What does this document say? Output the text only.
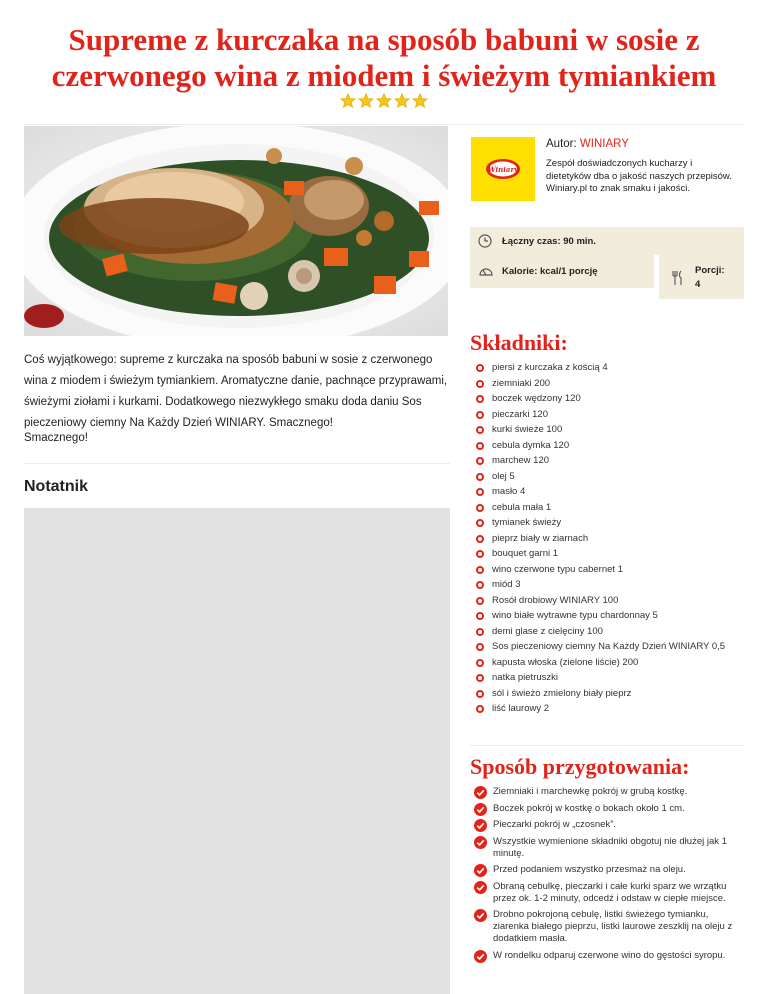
Supreme z kurczaka na sposób babuni w sosie z czerwonego wina z miodem i świeżym tymiankiem

Coś wyjątkowego: supreme z kurczaka na sposób babuni w sosie z czerwonego wina z miodem i świeżym tymiankiem. Aromatyczne danie, pachnące przyprawami, świeżymi ziołami i kurkami. Dodatkowego niezwykłego smaku doda daniu Sos pieczeniowy ciemny Na Każdy Dzień WINIARY. Smacznego!

Smacznego!

Notatnik
Winiary
Autor: WINIARY

Zespół doświadczonych kucharzy i dietetyków dba o jakość naszych przepisów. Winiary.pl to znak smaku i jakości.

Łączny czas: 90 min.
Kalorie: kcal/1 porcję	Porcji:
4
Składniki:
piersi z kurczaka z kością 4
ziemniaki 200
boczek wędzony 120
pieczarki 120
kurki świeże 100
cebula dymka 120
marchew 120
olej 5
masło 4
cebula mała 1
tymianek świeży
pieprz biały w ziarnach
bouquet garni 1
wino czerwone typu cabernet 1
miód 3
Rosół drobiowy WINIARY 100
wino białe wytrawne typu chardonnay 5
demi glase z cielęciny 100
Sos pieczeniowy ciemny Na Każdy Dzień WINIARY 0,5
kapusta włoska (zielone liście) 200
natka pietruszki
sól i świeżo zmielony biały pieprz
liść laurowy 2
Sposób przygotowania:
Ziemniaki i marchewkę pokrój w grubą kostkę.
Boczek pokrój w kostkę o bokach około 1 cm.
Pieczarki pokrój w „czosnek”.
Wszystkie wymienione składniki obgotuj nie dłużej jak 1 minutę.
Przed podaniem wszystko przesmaż na oleju.
Obraną cebulkę, pieczarki i całe kurki sparz we wrzątku przez ok. 1-2 minuty, odcedź i odstaw w ciepłe miejsce.
Drobno pokrojoną cebulę, listki świeżego tymianku, ziarenka białego pieprzu, listki laurowe zeszklij na oleju z dodatkiem masła.
W rondelku odparuj czerwone wino do gęstości syropu.
